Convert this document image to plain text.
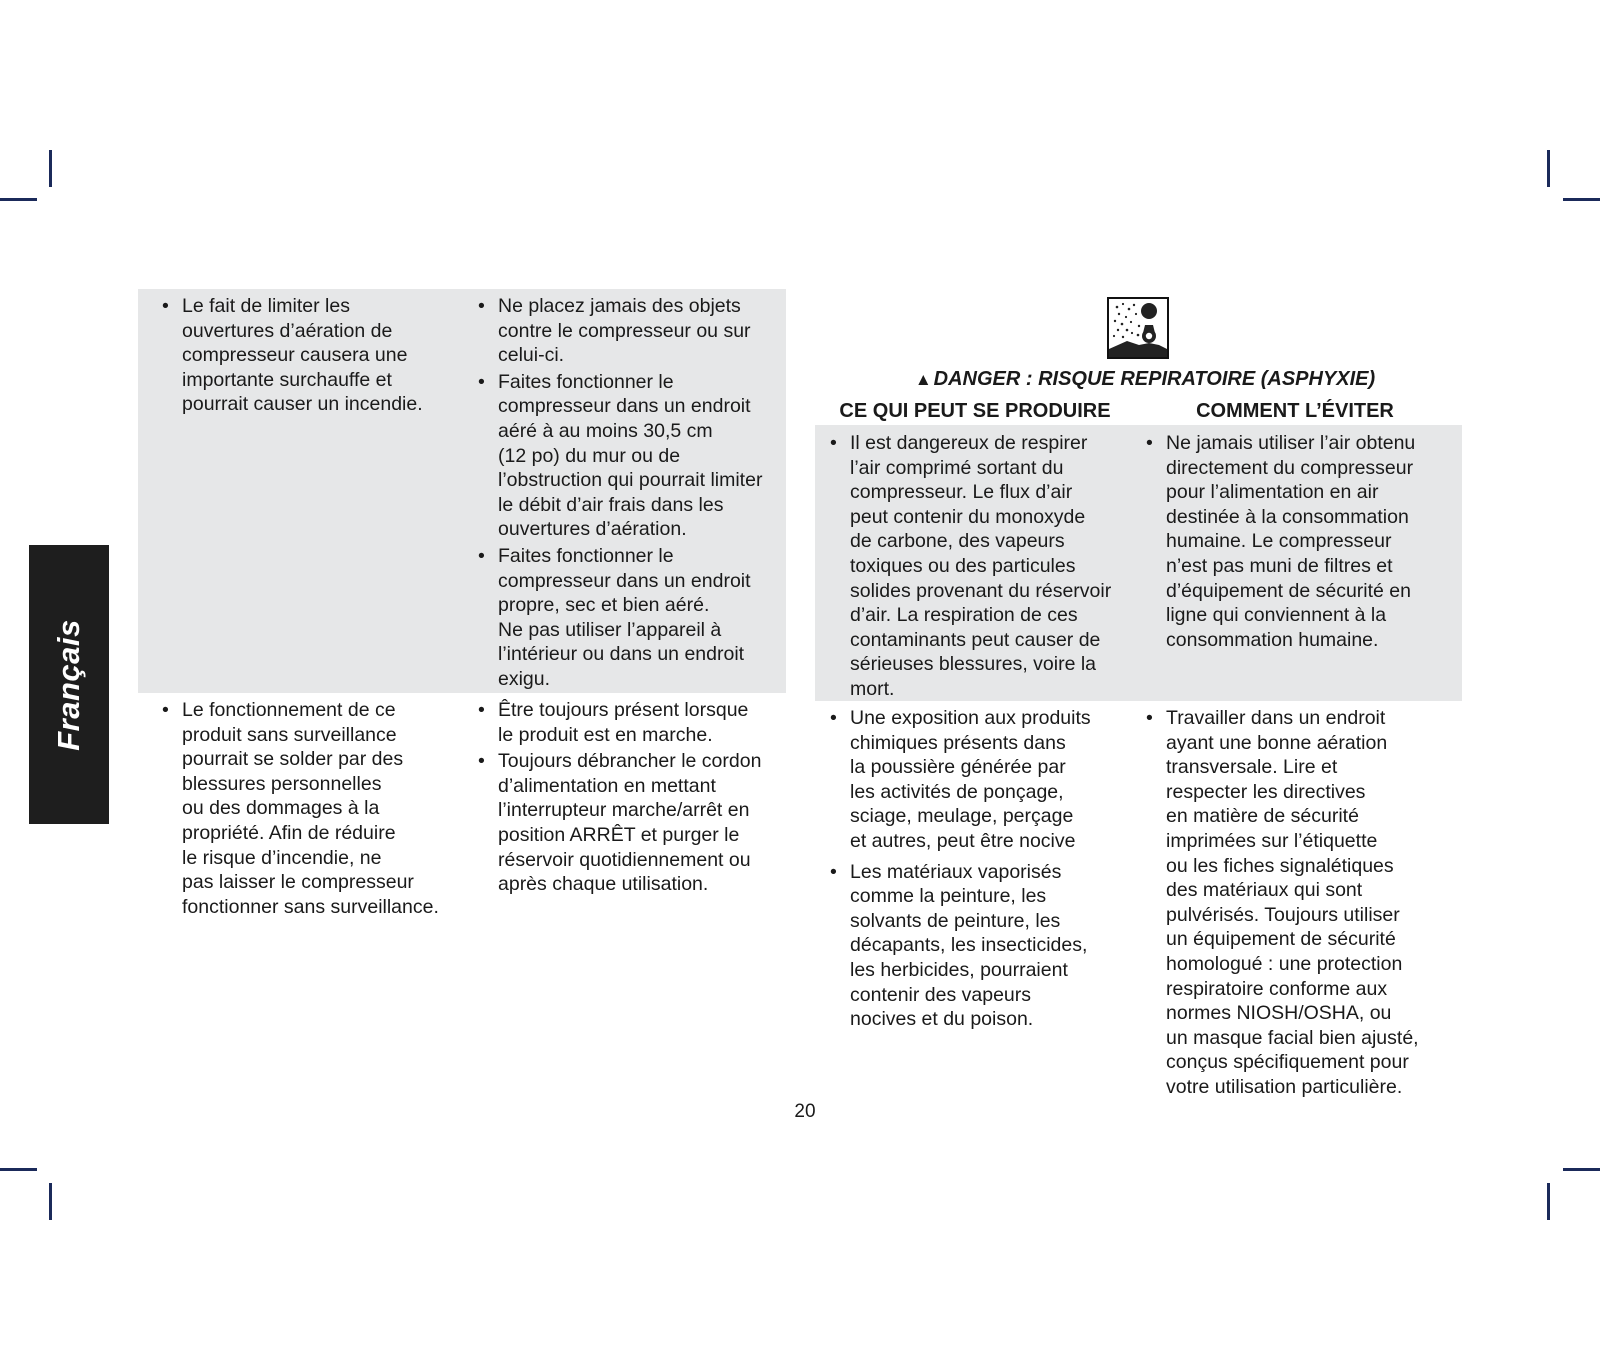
Français
• Le fait de limiter les
ouvertures d’aération de
compresseur causera une
importante surchauffe et
pourrait causer un incendie.
• Ne placez jamais des objets
contre le compresseur ou sur
celui-ci.
• Faites fonctionner le
compresseur dans un endroit
aéré à au moins 30,5 cm
(12 po) du mur ou de
l’obstruction qui pourrait limiter
le débit d’air frais dans les
ouvertures d’aération.
• Faites fonctionner le
compresseur dans un endroit
propre, sec et bien aéré.
Ne pas utiliser l’appareil à
l’intérieur ou dans un endroit
exigu.
• Le fonctionnement de ce
produit sans surveillance
pourrait se solder par des
blessures personnelles
ou des dommages à la
propriété. Afin de réduire
le risque d’incendie, ne
pas laisser le compresseur
fonctionner sans surveillance.
• Être toujours présent lorsque
le produit est en marche.
• Toujours débrancher le cordon
d’alimentation en mettant
l’interrupteur marche/arrêt en
position ARRÊT et purger le
réservoir quotidiennement ou
après chaque utilisation.
▲ DANGER : RISQUE REPIRATOIRE (ASPHYXIE)
CE QUI PEUT SE PRODUIRE	COMMENT L’ÉVITER
• Il est dangereux de respirer
l’air comprimé sortant du
compresseur. Le flux d’air
peut contenir du monoxyde
de carbone, des vapeurs
toxiques ou des particules
solides provenant du réservoir
d’air. La respiration de ces
contaminants peut causer de
sérieuses blessures, voire la
mort.
• Ne jamais utiliser l’air obtenu
directement du compresseur
pour l’alimentation en air
destinée à la consommation
humaine. Le compresseur
n’est pas muni de filtres et
d’équipement de sécurité en
ligne qui conviennent à la
consommation humaine.
• Une exposition aux produits
chimiques présents dans
la poussière générée par
les activités de ponçage,
sciage, meulage, perçage
et autres, peut être nocive
• Les matériaux vaporisés
comme la peinture, les
solvants de peinture, les
décapants, les insecticides,
les herbicides, pourraient
contenir des vapeurs
nocives et du poison.
• Travailler dans un endroit
ayant une bonne aération
transversale. Lire et
respecter les directives
en matière de sécurité
imprimées sur l’étiquette
ou les fiches signalétiques
des matériaux qui sont
pulvérisés. Toujours utiliser
un équipement de sécurité
homologué : une protection
respiratoire conforme aux
normes NIOSH/OSHA, ou
un masque facial bien ajusté,
conçus spécifiquement pour
votre utilisation particulière.
20
